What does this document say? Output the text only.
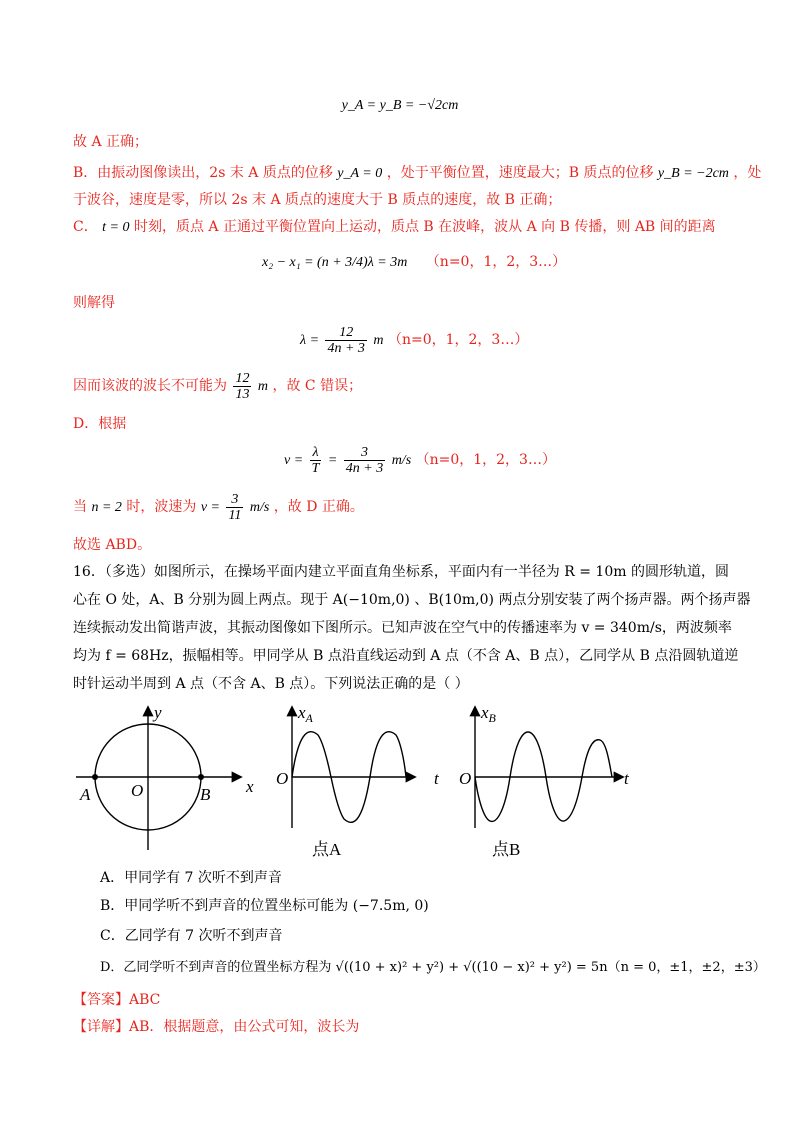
y_A = y_B = −√2cm
故 A 正确；
B．由振动图像读出，2s 末 A 质点的位移 y_A = 0 ，处于平衡位置，速度最大；B 质点的位移 y_B = −2cm ，处
于波谷，速度是零，所以 2s 末 A 质点的速度大于 B 质点的速度，故 B 正确；
C． t = 0 时刻，质点 A 正通过平衡位置向上运动，质点 B 在波峰，波从 A 向 B 传播，则 AB 间的距离
x₂ − x₁ = (n + 3/4)λ = 3m （n=0，1，2，3…）
则解得
$\lambda = \frac{12}{4n + 3}$ m （n=0，1，2，3…）
因而该波的波长不可能为 $\frac{12}{13}$ m ，故 C 错误；
D．根据
$v = \frac{\lambda}{T} = \frac{3}{4n + 3} m/s$ （n=0，1，2，3…）
当 n = 2 时，波速为 $v = \frac{3}{11} m/s$ ，故 D 正确。
故选 ABD。
16．（多选）如图所示，在操场平面内建立平面直角坐标系，平面内有一半径为 R = 10m 的圆形轨道，圆
心在 O 处，A、B 分别为圆上两点。现于 A(−10m,0) 、B(10m,0) 两点分别安装了两个扬声器。两个扬声器
连续振动发出简谐声波，其振动图像如下图所示。已知声波在空气中的传播速率为 v = 340m/s，两波频率
均为 f = 68Hz，振幅相等。甲同学从 B 点沿直线运动到 A 点（不含 A、B 点），乙同学从 B 点沿圆轨道逆
时针运动半周到 A 点（不含 A、B 点）。下列说法正确的是（ ）
y
x
O
A	B
$x_A$
O	t
点A
$x_B$
O	t
点B
A．甲同学有 7 次听不到声音
B．甲同学听不到声音的位置坐标可能为 (−7.5m, 0)
C．乙同学有 7 次听不到声音
D．乙同学听不到声音的位置坐标方程为 √((10 + x)² + y²) + √((10 − x)² + y²) = 5n（n = 0，±1，±2，±3）
【答案】ABC
【详解】AB．根据题意，由公式可知，波长为
